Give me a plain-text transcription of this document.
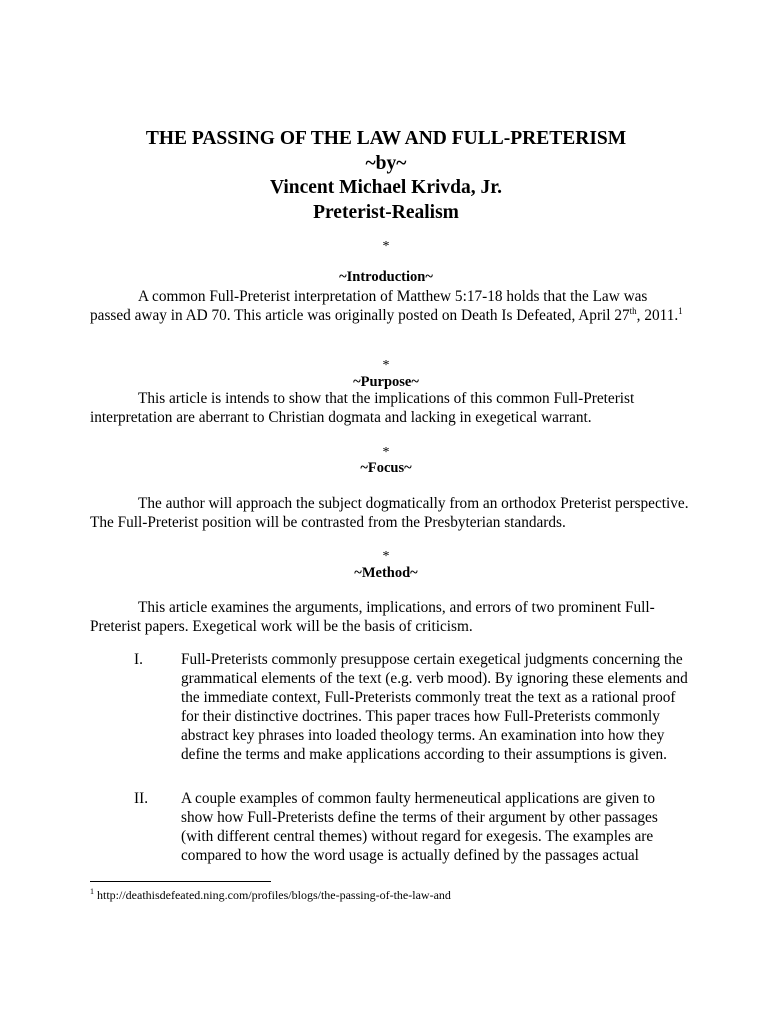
THE PASSING OF THE LAW AND FULL-PRETERISM
~by~
Vincent Michael Krivda, Jr.
Preterist-Realism
*
~Introduction~

A common Full-Preterist interpretation of Matthew 5:17-18 holds that the Law was passed away in AD 70. This article was originally posted on Death Is Defeated, April 27th, 2011.$^1$

*
~Purpose~

This article is intends to show that the implications of this common Full-Preterist interpretation are aberrant to Christian dogmata and lacking in exegetical warrant.

*
~Focus~

The author will approach the subject dogmatically from an orthodox Preterist perspective. The Full-Preterist position will be contrasted from the Presbyterian standards.

*
~Method~

This article examines the arguments, implications, and errors of two prominent Full-Preterist papers. Exegetical work will be the basis of criticism.

I. Full-Preterists commonly presuppose certain exegetical judgments concerning the grammatical elements of the text (e.g. verb mood). By ignoring these elements and the immediate context, Full-Preterists commonly treat the text as a rational proof for their distinctive doctrines. This paper traces how Full-Preterists commonly abstract key phrases into loaded theology terms. An examination into how they define the terms and make applications according to their assumptions is given.
II. A couple examples of common faulty hermeneutical applications are given to show how Full-Preterists define the terms of their argument by other passages (with different central themes) without regard for exegesis. The examples are compared to how the word usage is actually defined by the passages actual
$^1$ http://deathisdefeated.ning.com/profiles/blogs/the-passing-of-the-law-and
